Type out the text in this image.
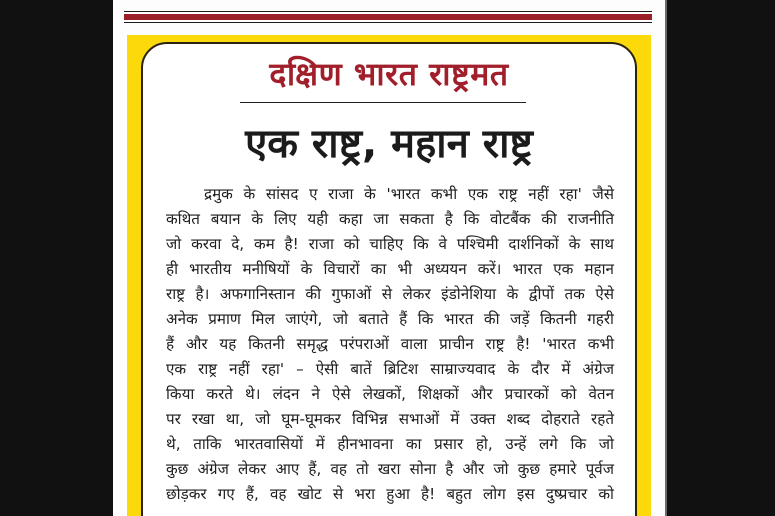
दक्षिण भारत राष्ट्रमत
एक राष्ट्र, महान राष्ट्र
द्रमुक के सांसद ए राजा के 'भारत कभी एक राष्ट्र नहीं रहा' जैसे
कथित बयान के लिए यही कहा जा सकता है कि वोटबैंक की राजनीति
जो करवा दे, कम है! राजा को चाहिए कि वे पश्चिमी दार्शनिकों के साथ
ही भारतीय मनीषियों के विचारों का भी अध्ययन करें। भारत एक महान
राष्ट्र है। अफगानिस्तान की गुफाओं से लेकर इंडोनेशिया के द्वीपों तक ऐसे
अनेक प्रमाण मिल जाएंगे, जो बताते हैं कि भारत की जड़ें कितनी गहरी
हैं और यह कितनी समृद्ध परंपराओं वाला प्राचीन राष्ट्र है! 'भारत कभी
एक राष्ट्र नहीं रहा' – ऐसी बातें ब्रिटिश साम्राज्यवाद के दौर में अंग्रेज
किया करते थे। लंदन ने ऐसे लेखकों, शिक्षकों और प्रचारकों को वेतन
पर रखा था, जो घूम-घूमकर विभिन्न सभाओं में उक्त शब्द दोहराते रहते
थे, ताकि भारतवासियों में हीनभावना का प्रसार हो, उन्हें लगे कि जो
कुछ अंग्रेज लेकर आए हैं, वह तो खरा सोना है और जो कुछ हमारे पूर्वज
छोड़कर गए हैं, वह खोट से भरा हुआ है! बहुत लोग इस दुष्प्रचार को
